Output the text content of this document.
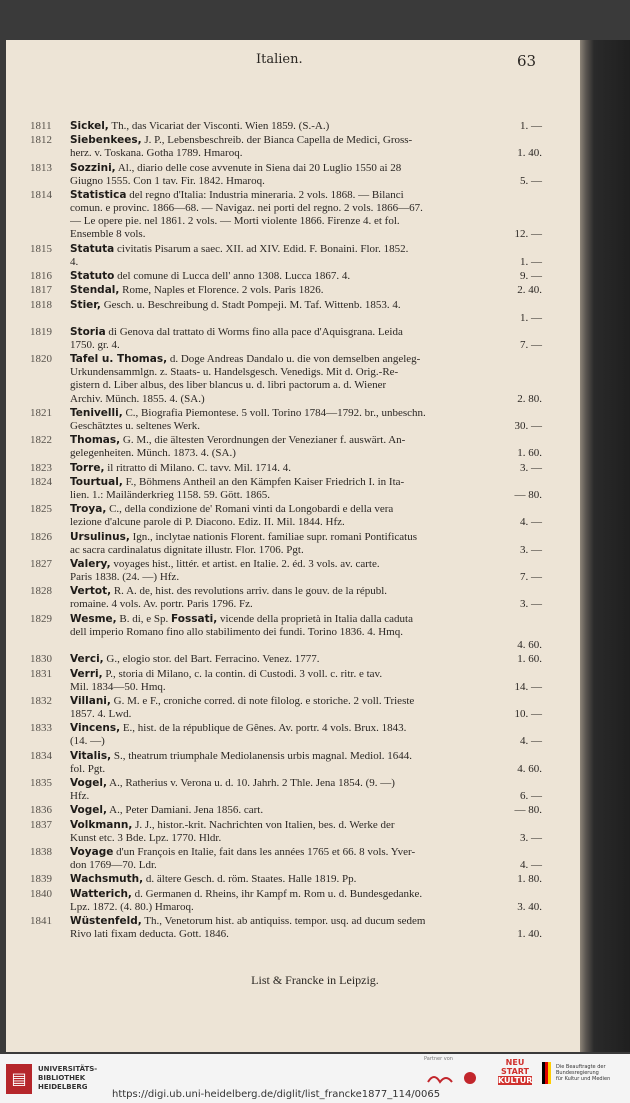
Italien.	63
1811	Sickel, Th., das Vicariat der Visconti. Wien 1859. (S.-A.)	1. —
1812	Siebenkees, J. P., Lebensbeschreib. der Bianca Capella de Medici, Gross-
herz. v. Toskana. Gotha 1789. Hmaroq.	1. 40.
1813	Sozzini, Al., diario delle cose avvenute in Siena dai 20 Luglio 1550 ai 28
Giugno 1555. Con 1 tav. Fir. 1842. Hmaroq.	5. —
1814	Statistica del regno d'Italia: Industria mineraria. 2 vols. 1868. — Bilanci
comun. e provinc. 1866—68. — Navigaz. nei porti del regno. 2 vols. 1866—67.
— Le opere pie. nel 1861. 2 vols. — Morti violente 1866. Firenze 4. et fol.
Ensemble 8 vols.	12. —
1815	Statuta civitatis Pisarum a saec. XII. ad XIV. Edid. F. Bonaini. Flor. 1852.
4.	1. —
1816	Statuto del comune di Lucca dell' anno 1308. Lucca 1867. 4.	9. —
1817	Stendal, Rome, Naples et Florence. 2 vols. Paris 1826.	2. 40.
1818	Stier, Gesch. u. Beschreibung d. Stadt Pompeji. M. Taf. Wittenb. 1853. 4.
1. —
1819	Storia di Genova dal trattato di Worms fino alla pace d'Aquisgrana. Leida
1750. gr. 4.	7. —
1820	Tafel u. Thomas, d. Doge Andreas Dandalo u. die von demselben angeleg-
Urkundensammlgn. z. Staats- u. Handelsgesch. Venedigs. Mit d. Orig.-Re-
gistern d. Liber albus, des liber blancus u. d. libri pactorum a. d. Wiener
Archiv. Münch. 1855. 4. (SA.)	2. 80.
1821	Tenivelli, C., Biografia Piemontese. 5 voll. Torino 1784—1792. br., unbeschn.
Geschätztes u. seltenes Werk.	30. —
1822	Thomas, G. M., die ältesten Verordnungen der Venezianer f. auswärt. An-
gelegenheiten. Münch. 1873. 4. (SA.)	1. 60.
1823	Torre, il ritratto di Milano. C. tavv. Mil. 1714. 4.	3. —
1824	Tourtual, F., Böhmens Antheil an den Kämpfen Kaiser Friedrich I. in Ita-
lien. 1.: Mailänderkrieg 1158. 59. Gött. 1865.	— 80.
1825	Troya, C., della condizione de' Romani vinti da Longobardi e della vera
lezione d'alcune parole di P. Diacono. Ediz. II. Mil. 1844. Hfz.	4. —
1826	Ursulinus, Ign., inclytae nationis Florent. familiae supr. romani Pontificatus
ac sacra cardinalatus dignitate illustr. Flor. 1706. Pgt.	3. —
1827	Valery, voyages hist., littér. et artist. en Italie. 2. éd. 3 vols. av. carte.
Paris 1838. (24. —) Hfz.	7. —
1828	Vertot, R. A. de, hist. des revolutions arriv. dans le gouv. de la républ.
romaine. 4 vols. Av. portr. Paris 1796. Fz.	3. —
1829	Wesme, B. di, e Sp. Fossati, vicende della proprietà in Italia dalla caduta
dell imperio Romano fino allo stabilimento dei fundi. Torino 1836. 4. Hmq.
4. 60.
1830	Verci, G., elogio stor. del Bart. Ferracino. Venez. 1777.	1. 60.
1831	Verri, P., storia di Milano, c. la contin. di Custodi. 3 voll. c. ritr. e tav.
Mil. 1834—50. Hmq.	14. —
1832	Villani, G. M. e F., croniche corred. di note filolog. e storiche. 2 voll. Trieste
1857. 4. Lwd.	10. —
1833	Vincens, E., hist. de la république de Gênes. Av. portr. 4 vols. Brux. 1843.
(14. —)	4. —
1834	Vitalis, S., theatrum triumphale Mediolanensis urbis magnal. Mediol. 1644.
fol. Pgt.	4. 60.
1835	Vogel, A., Ratherius v. Verona u. d. 10. Jahrh. 2 Thle. Jena 1854. (9. —)
Hfz.	6. —
1836	Vogel, A., Peter Damiani. Jena 1856. cart.	— 80.
1837	Volkmann, J. J., histor.-krit. Nachrichten von Italien, bes. d. Werke der
Kunst etc. 3 Bde. Lpz. 1770. Hldr.	3. —
1838	Voyage d'un François en Italie, fait dans les années 1765 et 66. 8 vols. Yver-
don 1769—70. Ldr.	4. —
1839	Wachsmuth, d. ältere Gesch. d. röm. Staates. Halle 1819. Pp.	1. 80.
1840	Watterich, d. Germanen d. Rheins, ihr Kampf m. Rom u. d. Bundesgedanke.
Lpz. 1872. (4. 80.) Hmaroq.	3. 40.
1841	Wüstenfeld, Th., Venetorum hist. ab antiquiss. tempor. usq. ad ducum sedem
Rivo lati fixam deducta. Gott. 1846.	1. 40.
List & Francke in Leipzig.
▤	UNIVERSITÄTS-
BIBLIOTHEK
HEIDELBERG
Partner von	NEU
START
KULTUR
Die Beauftragte der Bundesregierung
für Kultur und Medien
https://digi.ub.uni-heidelberg.de/diglit/list_francke1877_114/0065
